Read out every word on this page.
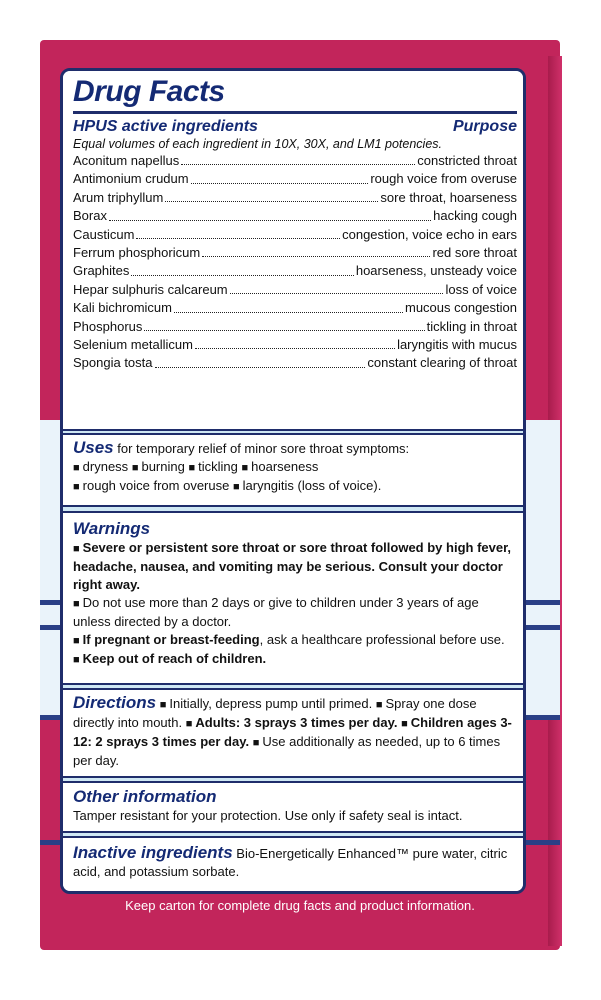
Drug Facts
HPUS active ingredients	Purpose
Equal volumes of each ingredient in 10X, 30X, and LM1 potencies.
Aconitum napellus	constricted throat
Antimonium crudum	rough voice from overuse
Arum triphyllum	sore throat, hoarseness
Borax	hacking cough
Causticum	congestion, voice echo in ears
Ferrum phosphoricum	red sore throat
Graphites	hoarseness, unsteady voice
Hepar sulphuris calcareum	loss of voice
Kali bichromicum	mucous congestion
Phosphorus	tickling in throat
Selenium metallicum	laryngitis with mucus
Spongia tosta	constant clearing of throat
Uses for temporary relief of minor sore throat symptoms:
■ dryness ■ burning ■ tickling ■ hoarseness
■ rough voice from overuse ■ laryngitis (loss of voice).
Warnings
■ Severe or persistent sore throat or sore throat followed by high fever, headache, nausea, and vomiting may be serious. Consult your doctor right away.
■ Do not use more than 2 days or give to children under 3 years of age unless directed by a doctor.
■ If pregnant or breast-feeding, ask a healthcare professional before use.
■ Keep out of reach of children.
Directions ■ Initially, depress pump until primed. ■ Spray one dose directly into mouth. ■ Adults: 3 sprays 3 times per day. ■ Children ages 3-12: 2 sprays 3 times per day. ■ Use additionally as needed, up to 6 times per day.
Other information
Tamper resistant for your protection. Use only if safety seal is intact.
Inactive ingredients Bio-Energetically Enhanced™ pure water, citric acid, and potassium sorbate.
Keep carton for complete drug facts and product information.
